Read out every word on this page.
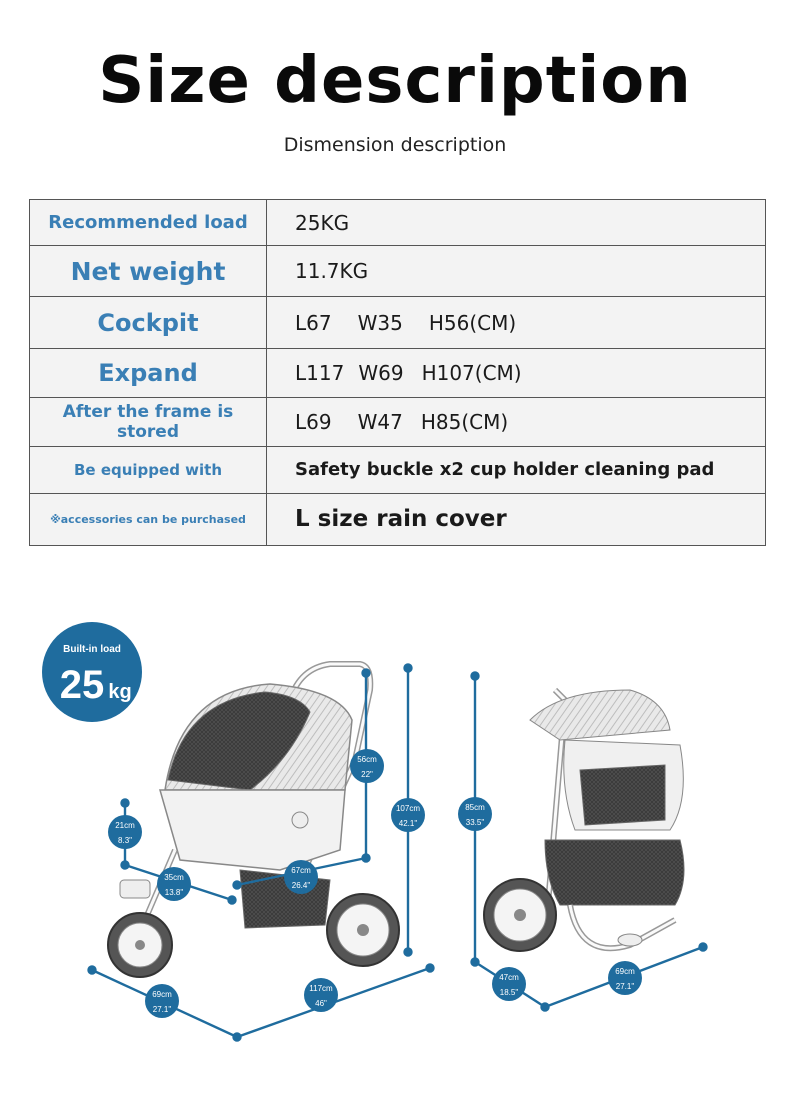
Size description
Dismension description
Recommended load	25KG
Net weight	11.7KG
Cockpit	L67 W35 H56(CM)
Expand	L117 W69 H107(CM)
After the frame is stored	L69 W47 H85(CM)
Be equipped with	Safety buckle x2 cup holder cleaning pad
※accessories can be purchased	L size rain cover
Built-in load
25 kg
21cm
8.3"
35cm
13.8"
56cm
22"
67cm
26.4"
107cm
42.1"
69cm
27.1"
117cm
46"
85cm
33.5"
47cm
18.5"
69cm
27.1"
